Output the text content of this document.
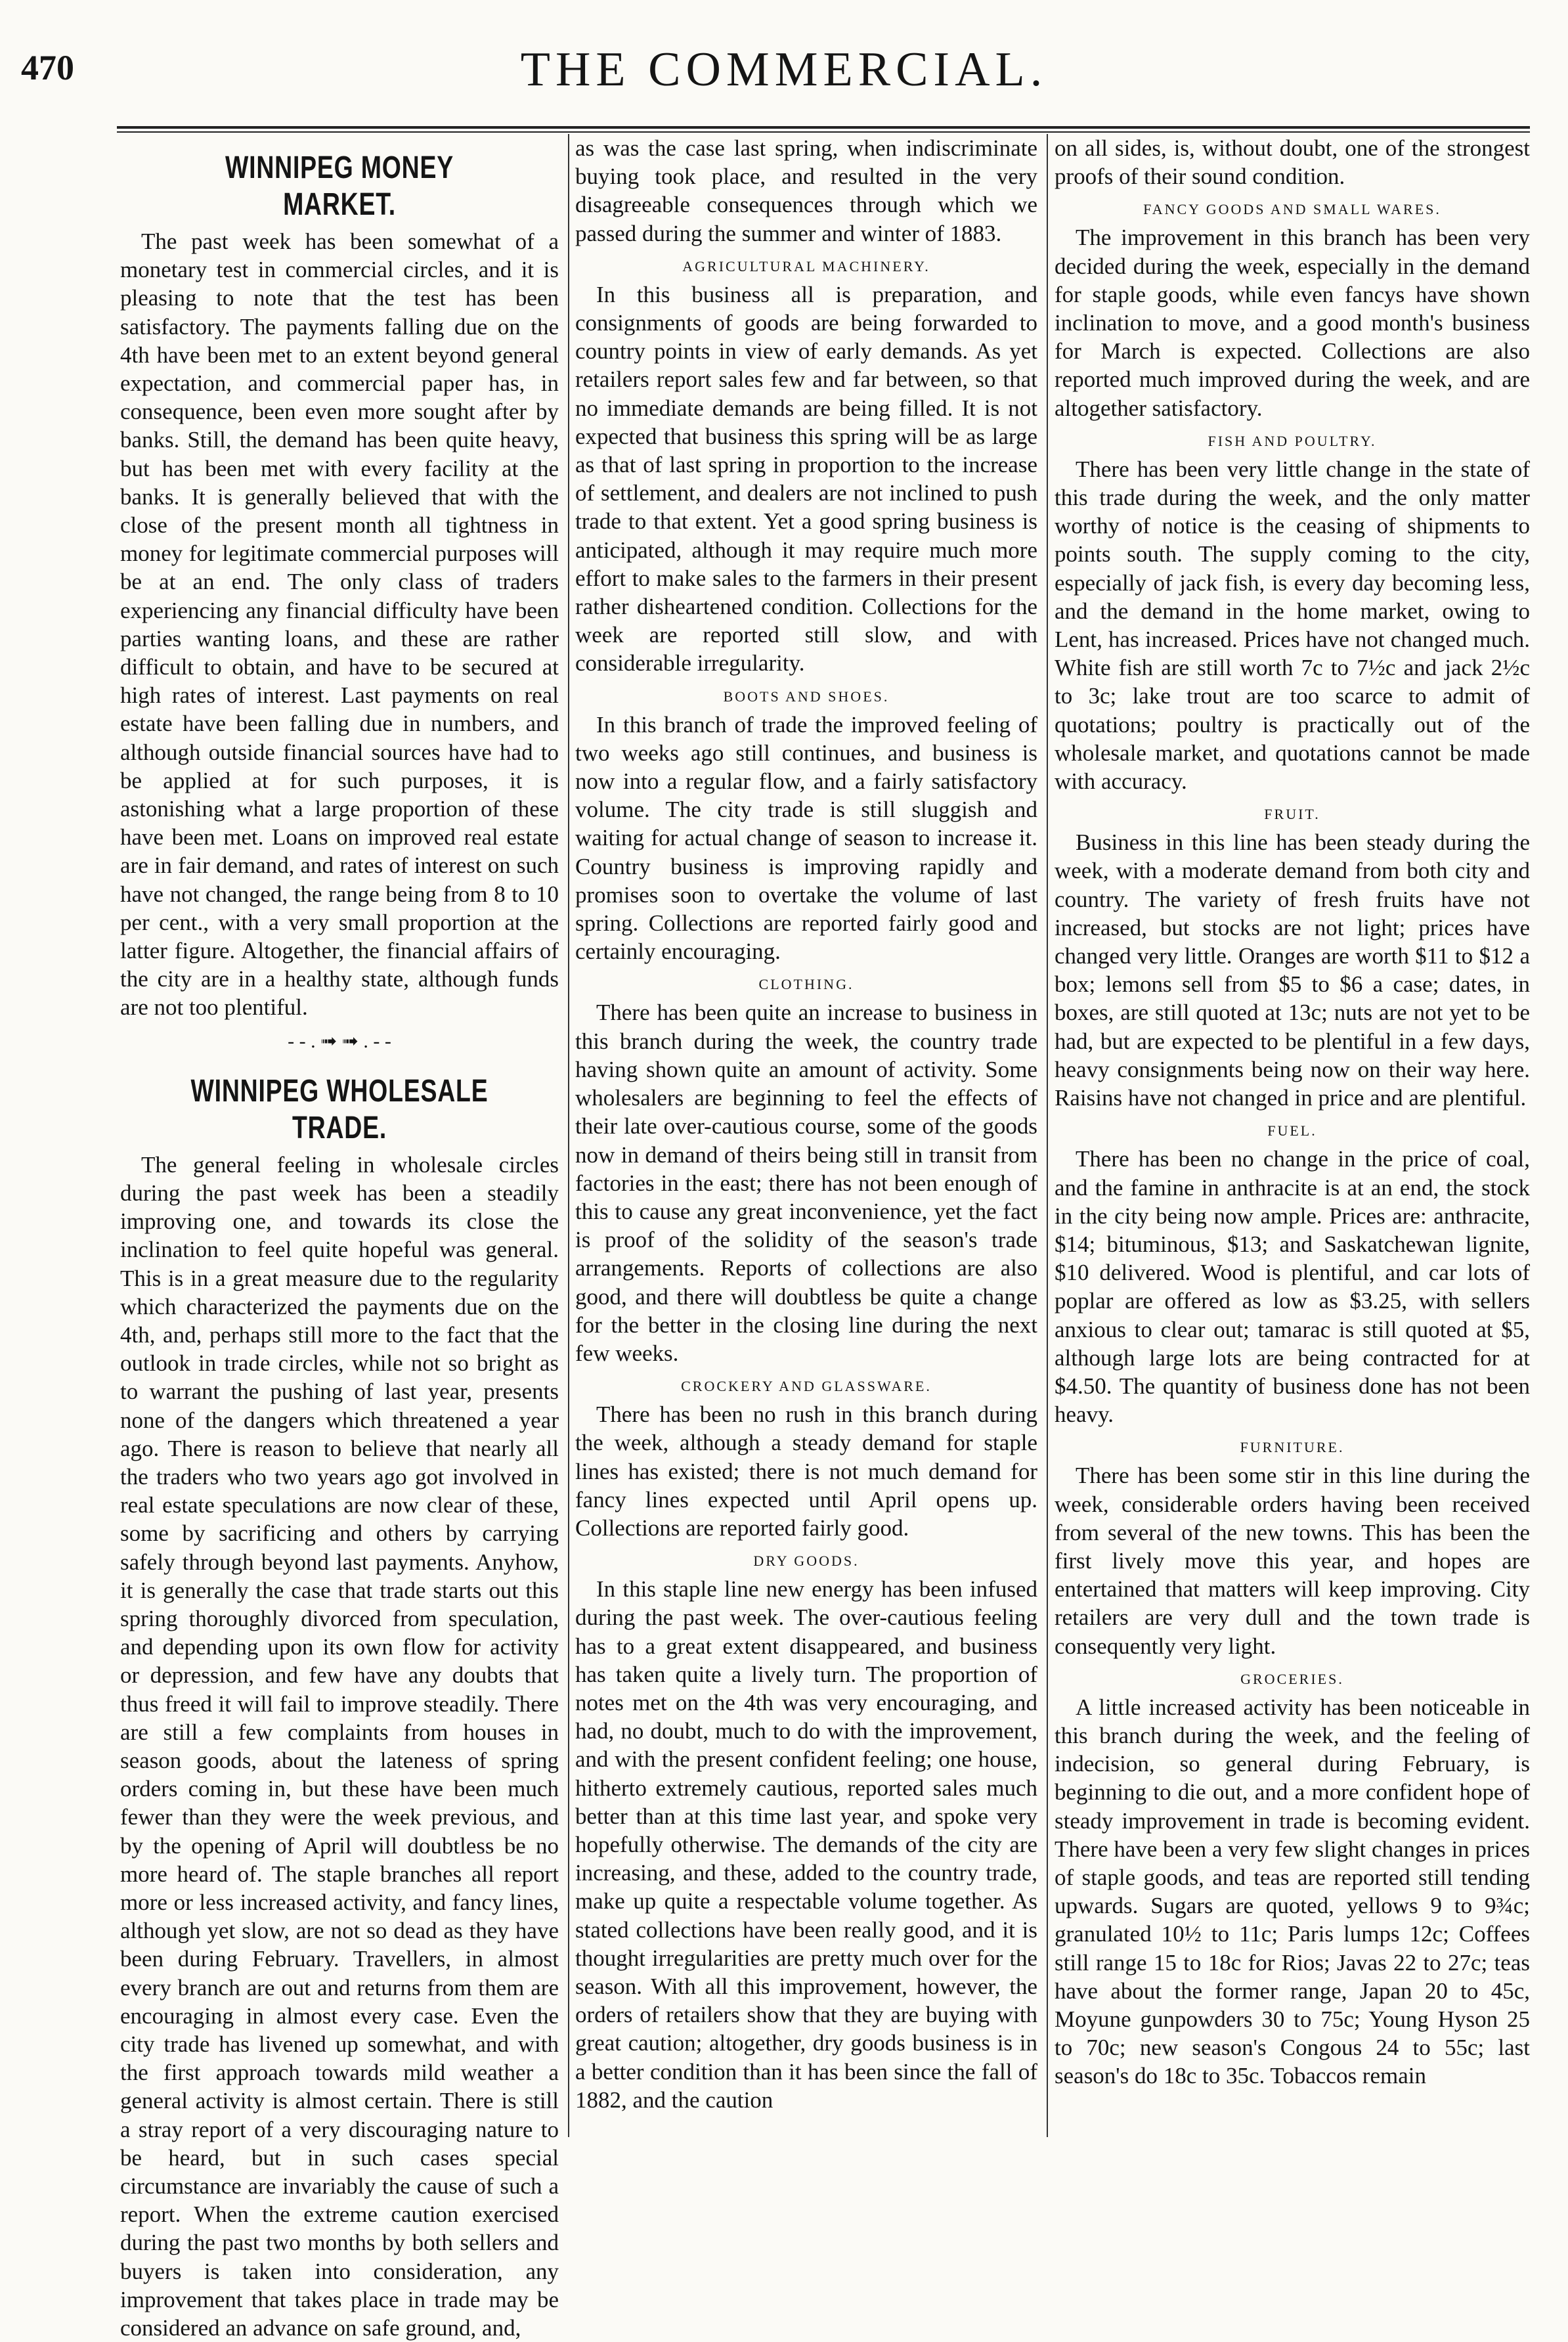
470	THE COMMERCIAL.
WINNIPEG MONEY MARKET.

The past week has been somewhat of a monetary test in commercial circles, and it is pleasing to note that the test has been satisfactory. The payments falling due on the 4th have been met to an extent beyond general expectation, and commercial paper has, in consequence, been even more sought after by banks. Still, the demand has been quite heavy, but has been met with every facility at the banks. It is generally believed that with the close of the present month all tightness in money for legitimate commercial purposes will be at an end. The only class of traders experiencing any financial difficulty have been parties wanting loans, and these are rather difficult to obtain, and have to be secured at high rates of interest. Last payments on real estate have been falling due in numbers, and although outside financial sources have had to be applied at for such purposes, it is astonishing what a large proportion of these have been met. Loans on improved real estate are in fair demand, and rates of interest on such have not changed, the range being from 8 to 10 per cent., with a very small proportion at the latter figure. Altogether, the financial affairs of the city are in a healthy state, although funds are not too plentiful.

- - . ➟ ➟ . - -
WINNIPEG WHOLESALE TRADE.

The general feeling in wholesale circles during the past week has been a steadily improving one, and towards its close the inclination to feel quite hopeful was general. This is in a great measure due to the regularity which characterized the payments due on the 4th, and, perhaps still more to the fact that the outlook in trade circles, while not so bright as to warrant the pushing of last year, presents none of the dangers which threatened a year ago. There is reason to believe that nearly all the traders who two years ago got involved in real estate speculations are now clear of these, some by sacrificing and others by carrying safely through beyond last payments. Anyhow, it is generally the case that trade starts out this spring thoroughly divorced from speculation, and depending upon its own flow for activity or depression, and few have any doubts that thus freed it will fail to improve steadily. There are still a few complaints from houses in season goods, about the lateness of spring orders coming in, but these have been much fewer than they were the week previous, and by the opening of April will doubtless be no more heard of. The staple branches all report more or less increased activity, and fancy lines, although yet slow, are not so dead as they have been during February. Travellers, in almost every branch are out and returns from them are encouraging in almost every case. Even the city trade has livened up somewhat, and with the first approach towards mild weather a general activity is almost certain. There is still a stray report of a very discouraging nature to be heard, but in such cases special circumstance are invariably the cause of such a report. When the extreme caution exercised during the past two months by both sellers and buyers is taken into consideration, any improvement that takes place in trade may be considered an advance on safe ground, and,

as was the case last spring, when indiscriminate buying took place, and resulted in the very disagreeable consequences through which we passed during the summer and winter of 1883.

AGRICULTURAL MACHINERY.

In this business all is preparation, and consignments of goods are being forwarded to country points in view of early demands. As yet retailers report sales few and far between, so that no immediate demands are being filled. It is not expected that business this spring will be as large as that of last spring in proportion to the increase of settlement, and dealers are not inclined to push trade to that extent. Yet a good spring business is anticipated, although it may require much more effort to make sales to the farmers in their present rather disheartened condition. Collections for the week are reported still slow, and with considerable irregularity.

BOOTS AND SHOES.

In this branch of trade the improved feeling of two weeks ago still continues, and business is now into a regular flow, and a fairly satisfactory volume. The city trade is still sluggish and waiting for actual change of season to increase it. Country business is improving rapidly and promises soon to overtake the volume of last spring. Collections are reported fairly good and certainly encouraging.

CLOTHING.

There has been quite an increase to business in this branch during the week, the country trade having shown quite an amount of activity. Some wholesalers are beginning to feel the effects of their late over-cautious course, some of the goods now in demand of theirs being still in transit from factories in the east; there has not been enough of this to cause any great inconvenience, yet the fact is proof of the solidity of the season's trade arrangements. Reports of collections are also good, and there will doubtless be quite a change for the better in the closing line during the next few weeks.

CROCKERY AND GLASSWARE.

There has been no rush in this branch during the week, although a steady demand for staple lines has existed; there is not much demand for fancy lines expected until April opens up. Collections are reported fairly good.

DRY GOODS.

In this staple line new energy has been infused during the past week. The over-cautious feeling has to a great extent disappeared, and business has taken quite a lively turn. The proportion of notes met on the 4th was very encouraging, and had, no doubt, much to do with the improvement, and with the present confident feeling; one house, hitherto extremely cautious, reported sales much better than at this time last year, and spoke very hopefully otherwise. The demands of the city are increasing, and these, added to the country trade, make up quite a respectable volume together. As stated collections have been really good, and it is thought irregularities are pretty much over for the season. With all this improvement, however, the orders of retailers show that they are buying with great caution; altogether, dry goods business is in a better condition than it has been since the fall of 1882, and the caution

on all sides, is, without doubt, one of the strongest proofs of their sound condition.

FANCY GOODS AND SMALL WARES.

The improvement in this branch has been very decided during the week, especially in the demand for staple goods, while even fancys have shown inclination to move, and a good month's business for March is expected. Collections are also reported much improved during the week, and are altogether satisfactory.

FISH AND POULTRY.

There has been very little change in the state of this trade during the week, and the only matter worthy of notice is the ceasing of shipments to points south. The supply coming to the city, especially of jack fish, is every day becoming less, and the demand in the home market, owing to Lent, has increased. Prices have not changed much. White fish are still worth 7c to 7½c and jack 2½c to 3c; lake trout are too scarce to admit of quotations; poultry is practically out of the wholesale market, and quotations cannot be made with accuracy.

FRUIT.

Business in this line has been steady during the week, with a moderate demand from both city and country. The variety of fresh fruits have not increased, but stocks are not light; prices have changed very little. Oranges are worth $11 to $12 a box; lemons sell from $5 to $6 a case; dates, in boxes, are still quoted at 13c; nuts are not yet to be had, but are expected to be plentiful in a few days, heavy consignments being now on their way here. Raisins have not changed in price and are plentiful.

FUEL.

There has been no change in the price of coal, and the famine in anthracite is at an end, the stock in the city being now ample. Prices are: anthracite, $14; bituminous, $13; and Saskatchewan lignite, $10 delivered. Wood is plentiful, and car lots of poplar are offered as low as $3.25, with sellers anxious to clear out; tamarac is still quoted at $5, although large lots are being contracted for at $4.50. The quantity of business done has not been heavy.

FURNITURE.

There has been some stir in this line during the week, considerable orders having been received from several of the new towns. This has been the first lively move this year, and hopes are entertained that matters will keep improving. City retailers are very dull and the town trade is consequently very light.

GROCERIES.

A little increased activity has been noticeable in this branch during the week, and the feeling of indecision, so general during February, is beginning to die out, and a more confident hope of steady improvement in trade is becoming evident. There have been a very few slight changes in prices of staple goods, and teas are reported still tending upwards. Sugars are quoted, yellows 9 to 9¾c; granulated 10½ to 11c; Paris lumps 12c; Coffees still range 15 to 18c for Rios; Javas 22 to 27c; teas have about the former range, Japan 20 to 45c, Moyune gunpowders 30 to 75c; Young Hyson 25 to 70c; new season's Congous 24 to 55c; last season's do 18c to 35c. Tobaccos remain
